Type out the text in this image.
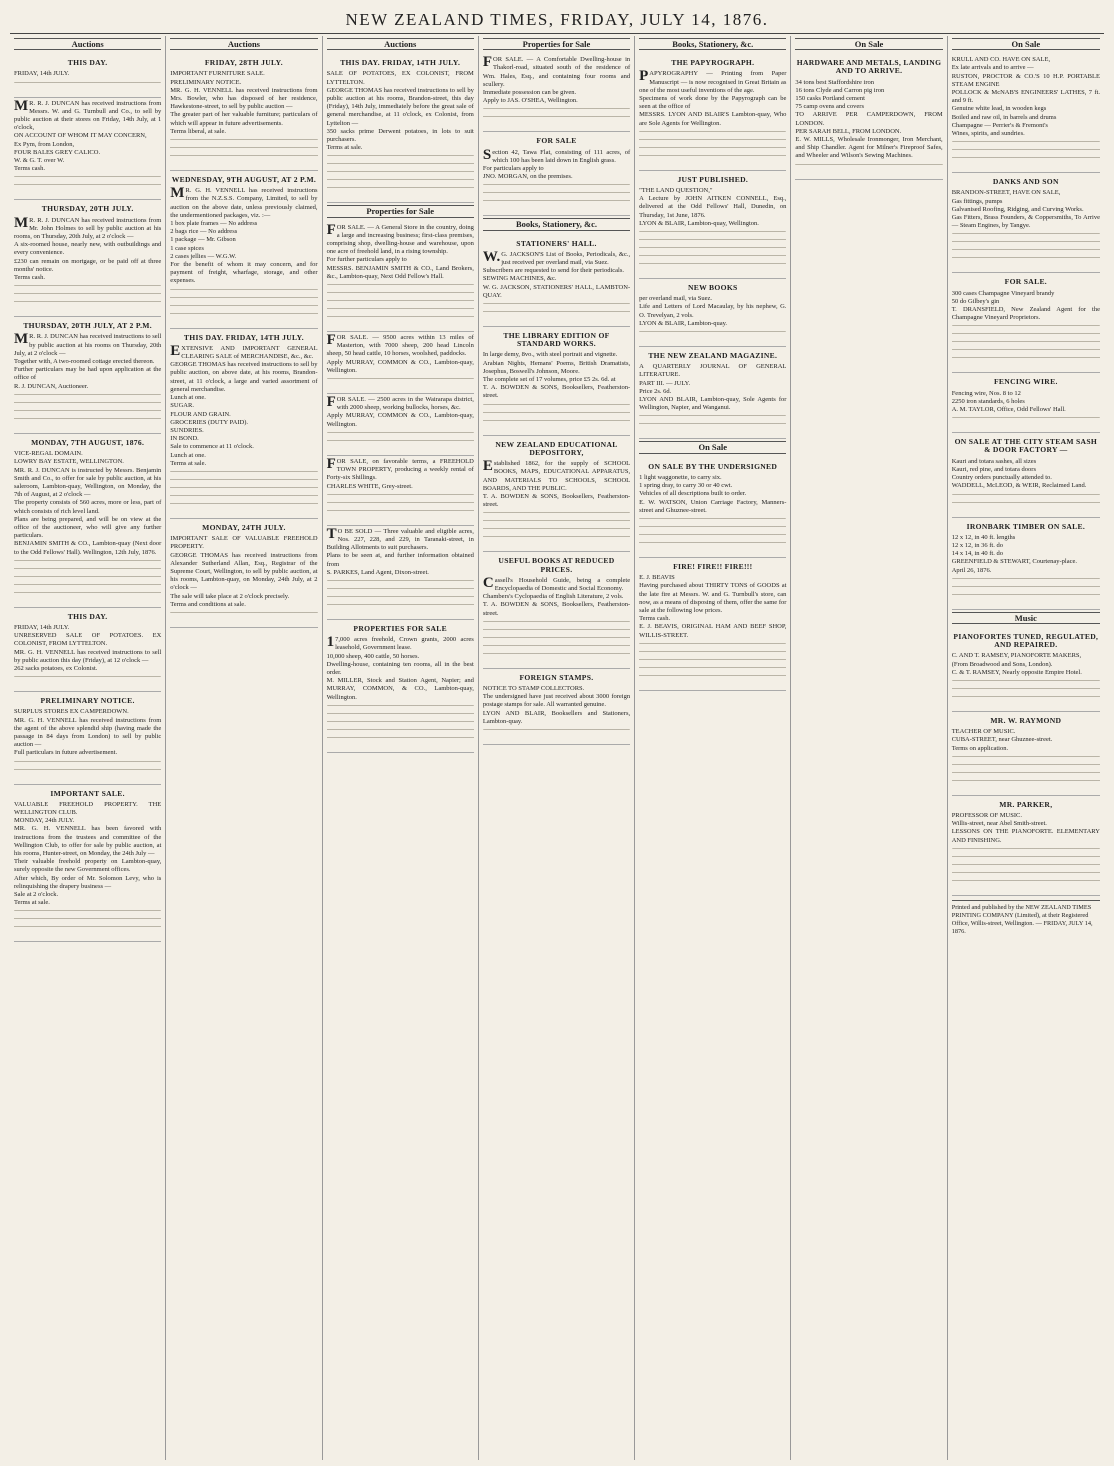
NEW ZEALAND TIMES, FRIDAY, JULY 14, 1876.
Auctions
THIS DAY.

FRIDAY, 14th JULY.

MR. R. J. DUNCAN has received instructions from Messrs. W. and G. Turnbull and Co., to sell by public auction at their stores on Friday, 14th July, at 1 o'clock,

ON ACCOUNT OF WHOM IT MAY CONCERN,

Ex Pym, from London,

FOUR BALES GREY CALICO.

W. & G. T. over W.

Terms cash.

THURSDAY, 20TH JULY.

MR. R. J. DUNCAN has received instructions from Mr. John Holmes to sell by public auction at his rooms, on Thursday, 20th July, at 2 o'clock —

A six-roomed house, nearly new, with outbuildings and every convenience.

£230 can remain on mortgage, or be paid off at three months' notice.

Terms cash.

THURSDAY, 20TH JULY, AT 2 P.M.

MR. R. J. DUNCAN has received instructions to sell by public auction at his rooms on Thursday, 20th July, at 2 o'clock —

Together with, A two-roomed cottage erected thereon.

Further particulars may be had upon application at the office of

R. J. DUNCAN, Auctioneer.

MONDAY, 7TH AUGUST, 1876.

VICE-REGAL DOMAIN.

LOWRY BAY ESTATE, WELLINGTON.

MR. R. J. DUNCAN is instructed by Messrs. Benjamin Smith and Co., to offer for sale by public auction, at his saleroom, Lambton-quay, Wellington, on Monday, the 7th of August, at 2 o'clock —

The property consists of 560 acres, more or less, part of which consists of rich level land.

Plans are being prepared, and will be on view at the office of the auctioneer, who will give any further particulars.

BENJAMIN SMITH & CO., Lambton-quay (Next door to the Odd Fellows' Hall). Wellington, 12th July, 1876.

THIS DAY.

FRIDAY, 14th JULY.

UNRESERVED SALE OF POTATOES. EX COLONIST, FROM LYTTELTON.

MR. G. H. VENNELL has received instructions to sell by public auction this day (Friday), at 12 o'clock —

262 sacks potatoes, ex Colonist.

PRELIMINARY NOTICE.

SURPLUS STORES EX CAMPERDOWN.

MR. G. H. VENNELL has received instructions from the agent of the above splendid ship (having made the passage in 84 days from London) to sell by public auction —

Full particulars in future advertisement.

IMPORTANT SALE.

VALUABLE FREEHOLD PROPERTY. THE WELLINGTON CLUB.

MONDAY, 24th JULY.

MR. G. H. VENNELL has been favored with instructions from the trustees and committee of the Wellington Club, to offer for sale by public auction, at his rooms, Hunter-street, on Monday, the 24th July —

Their valuable freehold property on Lambton-quay, surely opposite the new Government offices.

After which, By order of Mr. Solomon Levy, who is relinquishing the drapery business —

Sale at 2 o'clock.

Terms at sale.

Auctions
FRIDAY, 28TH JULY.

IMPORTANT FURNITURE SALE.

PRELIMINARY NOTICE.

MR. G. H. VENNELL has received instructions from Mrs. Bowler, who has disposed of her residence, Hawkestone-street, to sell by public auction —

The greater part of her valuable furniture; particulars of which will appear in future advertisements.

Terms liberal, at sale.

WEDNESDAY, 9TH AUGUST, AT 2 P.M.

MR. G. H. VENNELL has received instructions from the N.Z.S.S. Company, Limited, to sell by auction on the above date, unless previously claimed, the undermentioned packages, viz. :—

1 box plate frames — No address

2 bags rice — No address

1 package — Mr. Gibson

1 case spices

2 cases jellies — W.G.W.

For the benefit of whom it may concern, and for payment of freight, wharfage, storage, and other expenses.

THIS DAY. FRIDAY, 14TH JULY.

EXTENSIVE AND IMPORTANT GENERAL CLEARING SALE of MERCHANDISE, &c., &c.

GEORGE THOMAS has received instructions to sell by public auction, on above date, at his rooms, Brandon-street, at 11 o'clock, a large and varied assortment of general merchandise.

Lunch at one.

SUGAR.

FLOUR AND GRAIN.

GROCERIES (DUTY PAID).

SUNDRIES.

IN BOND.

Sale to commence at 11 o'clock.

Lunch at one.

Terms at sale.

MONDAY, 24TH JULY.

IMPORTANT SALE OF VALUABLE FREEHOLD PROPERTY.

GEORGE THOMAS has received instructions from Alexander Sutherland Allan, Esq., Registrar of the Supreme Court, Wellington, to sell by public auction, at his rooms, Lambton-quay, on Monday, 24th July, at 2 o'clock —

The sale will take place at 2 o'clock precisely.

Terms and conditions at sale.

Auctions
THIS DAY. FRIDAY, 14TH JULY.

SALE OF POTATOES, EX COLONIST, FROM LYTTELTON.

GEORGE THOMAS has received instructions to sell by public auction at his rooms, Brandon-street, this day (Friday), 14th July, immediately before the great sale of general merchandise, at 11 o'clock, ex Colonist, from Lyttelton —

350 sacks prime Derwent potatoes, in lots to suit purchasers.

Terms at sale.

Properties for Sale

FOR SALE. — A General Store in the country, doing a large and increasing business; first-class premises, comprising shop, dwelling-house and warehouse, upon one acre of freehold land, in a rising township.

For further particulars apply to

MESSRS. BENJAMIN SMITH & CO., Land Brokers, &c., Lambton-quay, Next Odd Fellow's Hall.

FOR SALE. — 9500 acres within 13 miles of Masterton, with 7000 sheep, 200 head Lincoln sheep, 50 head cattle, 10 horses, woolshed, paddocks.

Apply MURRAY, COMMON & CO., Lambton-quay, Wellington.

FOR SALE. — 2500 acres in the Wairarapa district, with 2000 sheep, working bullocks, horses, &c.

Apply MURRAY, COMMON & CO., Lambton-quay, Wellington.

FOR SALE, on favorable terms, a FREEHOLD TOWN PROPERTY, producing a weekly rental of Forty-six Shillings.

CHARLES WHITE, Grey-street.

TO BE SOLD — Three valuable and eligible acres, Nos. 227, 228, and 229, in Taranaki-street, in Building Allotments to suit purchasers.

Plans to be seen at, and further information obtained from

S. PARKES, Land Agent, Dixon-street.

PROPERTIES FOR SALE

17,000 acres freehold, Crown grants, 2000 acres leasehold, Government lease.

10,000 sheep, 400 cattle, 50 horses.

Dwelling-house, containing ten rooms, all in the best order.

M. MILLER, Stock and Station Agent, Napier; and MURRAY, COMMON, & CO., Lambton-quay, Wellington.

Properties for Sale

FOR SALE. — A Comfortable Dwelling-house in Thakorl-road, situated south of the residence of Wm. Hales, Esq., and containing four rooms and scullery.

Immediate possession can be given.

Apply to JAS. O'SHEA, Wellington.

FOR SALE

Section 42, Tawa Flat, consisting of 111 acres, of which 100 has been laid down in English grass.

For particulars apply to

JNO. MORGAN, on the premises.

Books, Stationery, &c.
STATIONERS' HALL.

W.G. JACKSON'S List of Books, Periodicals, &c., just received per overland mail, via Suez.

Subscribers are requested to send for their periodicals.

SEWING MACHINES, &c.

W. G. JACKSON, STATIONERS' HALL, LAMBTON-QUAY.

THE LIBRARY EDITION OF STANDARD WORKS.

In large demy, 8vo., with steel portrait and vignette.

Arabian Nights, Hemans' Poems, British Dramatists, Josephus, Boswell's Johnson, Moore.

The complete set of 17 volumes, price £5 2s. 6d. at

T. A. BOWDEN & SONS, Booksellers, Featherston-street.

NEW ZEALAND EDUCATIONAL DEPOSITORY,

Established 1862, for the supply of SCHOOL BOOKS, MAPS, EDUCATIONAL APPARATUS, AND MATERIALS TO SCHOOLS, SCHOOL BOARDS, AND THE PUBLIC.

T. A. BOWDEN & SONS, Booksellers, Featherston-street.

USEFUL BOOKS AT REDUCED PRICES.

Cassell's Household Guide, being a complete Encyclopaedia of Domestic and Social Economy.

Chambers's Cyclopaedia of English Literature, 2 vols.

T. A. BOWDEN & SONS, Booksellers, Featherston-street.

FOREIGN STAMPS.

NOTICE TO STAMP COLLECTORS.

The undersigned have just received about 3000 foreign postage stamps for sale. All warranted genuine.

LYON AND BLAIR, Booksellers and Stationers, Lambton-quay.

Books, Stationery, &c.
THE PAPYROGRAPH.

PAPYROGRAPHY — Printing from Paper Manuscript — is now recognised in Great Britain as one of the most useful inventions of the age.

Specimens of work done by the Papyrograph can be seen at the office of

MESSRS. LYON AND BLAIR'S Lambton-quay, Who are Sole Agents for Wellington.

JUST PUBLISHED.

"THE LAND QUESTION,"

A Lecture by JOHN AITKEN CONNELL, Esq., delivered at the Odd Fellows' Hall, Dunedin, on Thursday, 1st June, 1876.

LYON & BLAIR, Lambton-quay, Wellington.

NEW BOOKS

per overland mail, via Suez.

Life and Letters of Lord Macaulay, by his nephew, G. O. Trevelyan, 2 vols.

LYON & BLAIR, Lambton-quay.

THE NEW ZEALAND MAGAZINE.

A QUARTERLY JOURNAL OF GENERAL LITERATURE.

PART III. — JULY.

Price 2s. 6d.

LYON AND BLAIR, Lambton-quay, Sole Agents for Wellington, Napier, and Wanganui.

On Sale
ON SALE BY THE UNDERSIGNED

1 light waggonette, to carry six.

1 spring dray, to carry 30 or 40 cwt.

Vehicles of all descriptions built to order.

E. W. WATSON, Union Carriage Factory, Manners-street and Ghuznee-street.

FIRE! FIRE!! FIRE!!!

E. J. BEAVIS

Having purchased about THIRTY TONS of GOODS at the late fire at Messrs. W. and G. Turnbull's store, can now, as a means of disposing of them, offer the same for sale at the following low prices.

Terms cash.

E. J. BEAVIS, ORIGINAL HAM AND BEEF SHOP, WILLIS-STREET.

On Sale
HARDWARE AND METALS, LANDING AND TO ARRIVE.

34 tons best Staffordshire iron

16 tons Clyde and Carron pig iron

150 casks Portland cement

75 camp ovens and covers

TO ARRIVE PER CAMPERDOWN, FROM LONDON.

PER SARAH BELL, FROM LONDON.

E. W. MILLS, Wholesale Ironmonger, Iron Merchant, and Ship Chandler. Agent for Milner's Fireproof Safes, and Wheeler and Wilson's Sewing Machines.

On Sale

KRULL AND CO. HAVE ON SALE,

Ex late arrivals and to arrive —

RUSTON, PROCTOR & CO.'S 10 H.P. PORTABLE STEAM ENGINE

POLLOCK & McNAB'S ENGINEERS' LATHES, 7 ft. and 9 ft.

Genuine white lead, in wooden kegs

Boiled and raw oil, in barrels and drums

Champagne — Perrier's & Fremont's

Wines, spirits, and sundries.

DANKS AND SON

BRANDON-STREET, HAVE ON SALE,

Gas fittings, pumps

Galvanised Roofing, Ridging, and Curving Works.

Gas Fitters, Brass Founders, & Coppersmiths, To Arrive — Steam Engines, by Tangye.

FOR SALE.

300 cases Champagne Vineyard brandy

50 do Gilbey's gin

T. DRANSFIELD, New Zealand Agent for the Champagne Vineyard Proprietors.

FENCING WIRE.

Fencing wire, Nos. 8 to 12

2250 iron standards, 6 holes

A. M. TAYLOR, Office, Odd Fellows' Hall.

ON SALE AT THE CITY STEAM SASH & DOOR FACTORY —

Kauri and totara sashes, all sizes

Kauri, red pine, and totara doors

Country orders punctually attended to.

WADDELL, McLEOD, & WEIR, Reclaimed Land.

IRONBARK TIMBER ON SALE.

12 x 12, in 40 ft. lengths

12 x 12, in 36 ft. do

14 x 14, in 40 ft. do

GREENFIELD & STEWART, Courtenay-place.

April 26, 1876.

Music
PIANOFORTES TUNED, REGULATED, AND REPAIRED.

C. AND T. RAMSEY, PIANOFORTE MAKERS,

(From Broadwood and Sons, London).

C. & T. RAMSEY, Nearly opposite Empire Hotel.

MR. W. RAYMOND

TEACHER OF MUSIC.

CUBA-STREET, near Ghuznee-street.

Terms on application.

MR. PARKER,

PROFESSOR OF MUSIC.

Willis-street, near Abel Smith-street.

LESSONS ON THE PIANOFORTE. ELEMENTARY AND FINISHING.

Printed and published by the NEW ZEALAND TIMES PRINTING COMPANY (Limited), at their Registered Office, Willis-street, Wellington. — FRIDAY, JULY 14, 1876.
